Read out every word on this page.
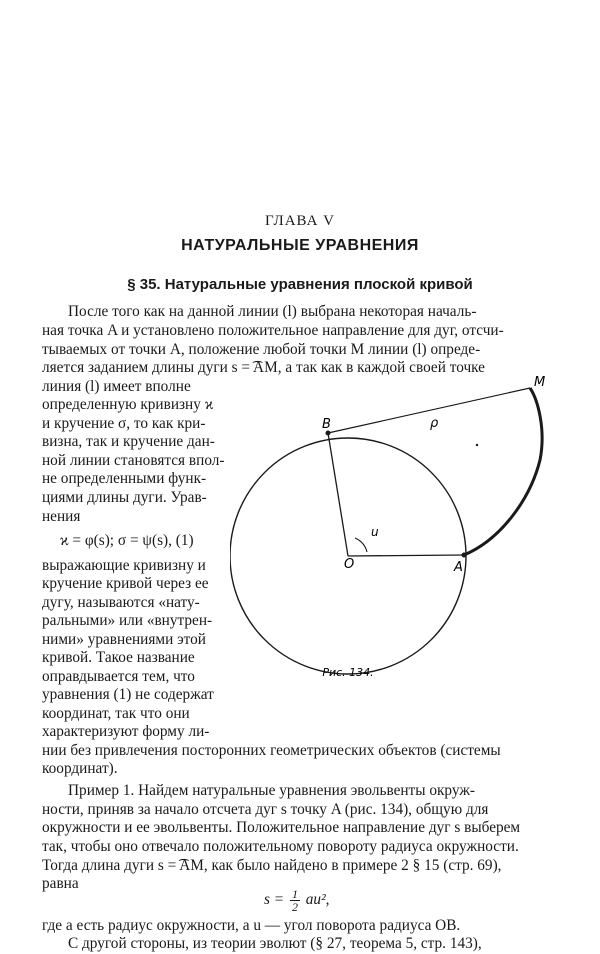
ГЛАВА V
НАТУРАЛЬНЫЕ УРАВНЕНИЯ
§ 35. Натуральные уравнения плоской кривой
После того как на данной линии (l) выбрана некоторая началь-
ная точка A и установлено положительное направление для дуг, отсчи-
тываемых от точки A, положение любой точки M линии (l) опреде-
ляется заданием длины дуги s = ͡AM, а так как в каждой своей точке
линия (l) имеет вполне
определенную кривизну ϰ
и кручение σ, то как кри-
визна, так и кручение дан-
ной линии становятся впол-
не определенными функ-
циями длины дуги. Урав-
нения
ϰ = φ(s); σ = ψ(s), (1)
выражающие кривизну и
кручение кривой через ее
дугу, называются «нату-
ральными» или «внутрен-
ними» уравнениями этой
кривой. Такое название
оправдывается тем, что
уравнения (1) не содержат
координат, так что они
характеризуют форму ли-
нии без привлечения посторонних геометрических объектов (системы
координат).
Пример 1. Найдем натуральные уравнения эвольвенты окруж-
ности, приняв за начало отсчета дуг s точку A (рис. 134), общую для
окружности и ее эвольвенты. Положительное направление дуг s выберем
так, чтобы оно отвечало положительному повороту радиуса окружности.
Тогда длина дуги s = ͡AM, как было найдено в примере 2 § 15 (стр. 69),
равна
$s = \frac{1}{2} au^2$,
где a есть радиус окружности, а u — угол поворота радиуса OB.
С другой стороны, из теории эволют (§ 27, теорема 5, стр. 143),
B
M
O	A
ρ
u
Рис. 134.
